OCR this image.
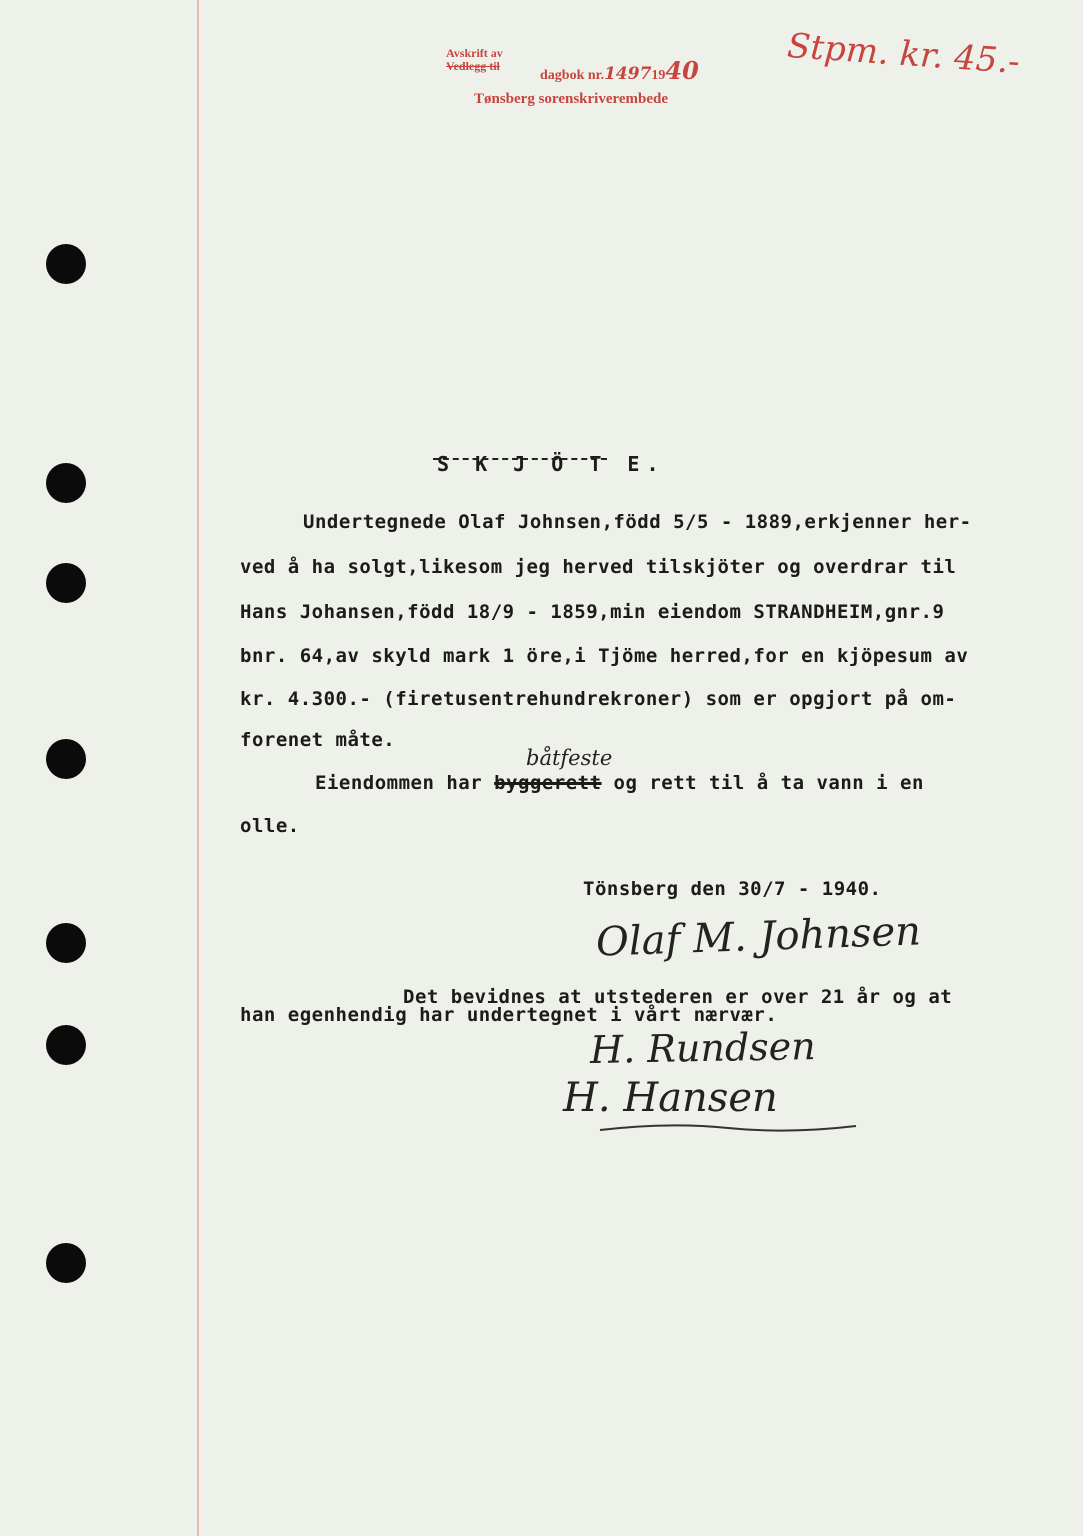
Avskrift av
Vedlegg til
dagbok nr.14971940
Tønsberg sorenskriverembede
Stpm. kr. 45.-
S K J Ö T E.
Undertegnede Olaf Johnsen,född 5/5 - 1889,erkjenner her-
ved å ha solgt,likesom jeg herved tilskjöter og overdrar til
Hans Johansen,född 18/9 - 1859,min eiendom STRANDHEIM,gnr.9
bnr. 64,av skyld mark 1 öre,i Tjöme herred,for en kjöpesum av
kr. 4.300.- (firetusentrehundrekroner) som er opgjort på om-
forenet måte.
båtfeste
Eiendommen har byggerett og rett til å ta vann i en
olle.
Tönsberg den 30/7 - 1940.
Olaf M. Johnsen
Det bevidnes at utstederen er over 21 år og at
han egenhendig har undertegnet i vårt nærvær.
H. Rundsen
H. Hansen
